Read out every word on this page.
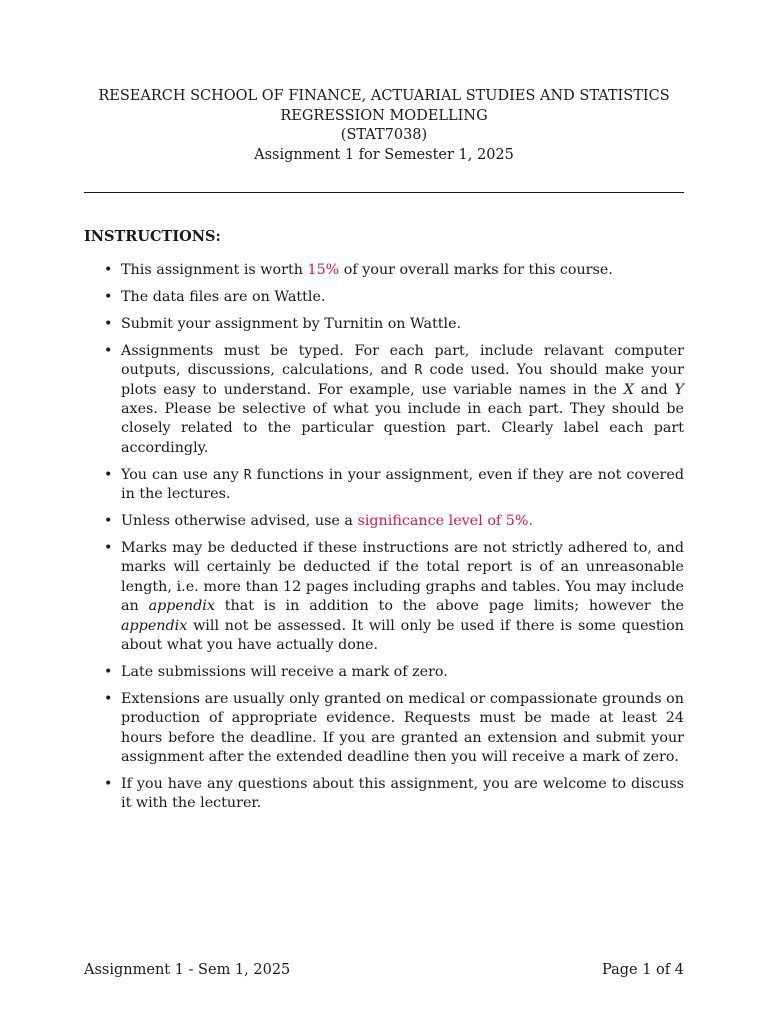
RESEARCH SCHOOL OF FINANCE, ACTUARIAL STUDIES AND STATISTICS
REGRESSION MODELLING
(STAT7038)
Assignment 1 for Semester 1, 2025
INSTRUCTIONS:
• This assignment is worth 15% of your overall marks for this course.
• The data files are on Wattle.
• Submit your assignment by Turnitin on Wattle.
• Assignments must be typed. For each part, include relavant computer outputs, discussions, calculations, and R code used. You should make your plots easy to understand. For example, use variable names in the X and Y axes. Please be selective of what you include in each part. They should be closely related to the particular question part. Clearly label each part accordingly.
• You can use any R functions in your assignment, even if they are not covered in the lectures.
• Unless otherwise advised, use a significance level of 5%.
• Marks may be deducted if these instructions are not strictly adhered to, and marks will certainly be deducted if the total report is of an unreasonable length, i.e. more than 12 pages including graphs and tables. You may include an appendix that is in addition to the above page limits; however the appendix will not be assessed. It will only be used if there is some question about what you have actually done.
• Late submissions will receive a mark of zero.
• Extensions are usually only granted on medical or compassionate grounds on production of appropriate evidence. Requests must be made at least 24 hours before the deadline. If you are granted an extension and submit your assignment after the extended deadline then you will receive a mark of zero.
• If you have any questions about this assignment, you are welcome to discuss it with the lecturer.
Assignment 1 - Sem 1, 2025	Page 1 of 4
